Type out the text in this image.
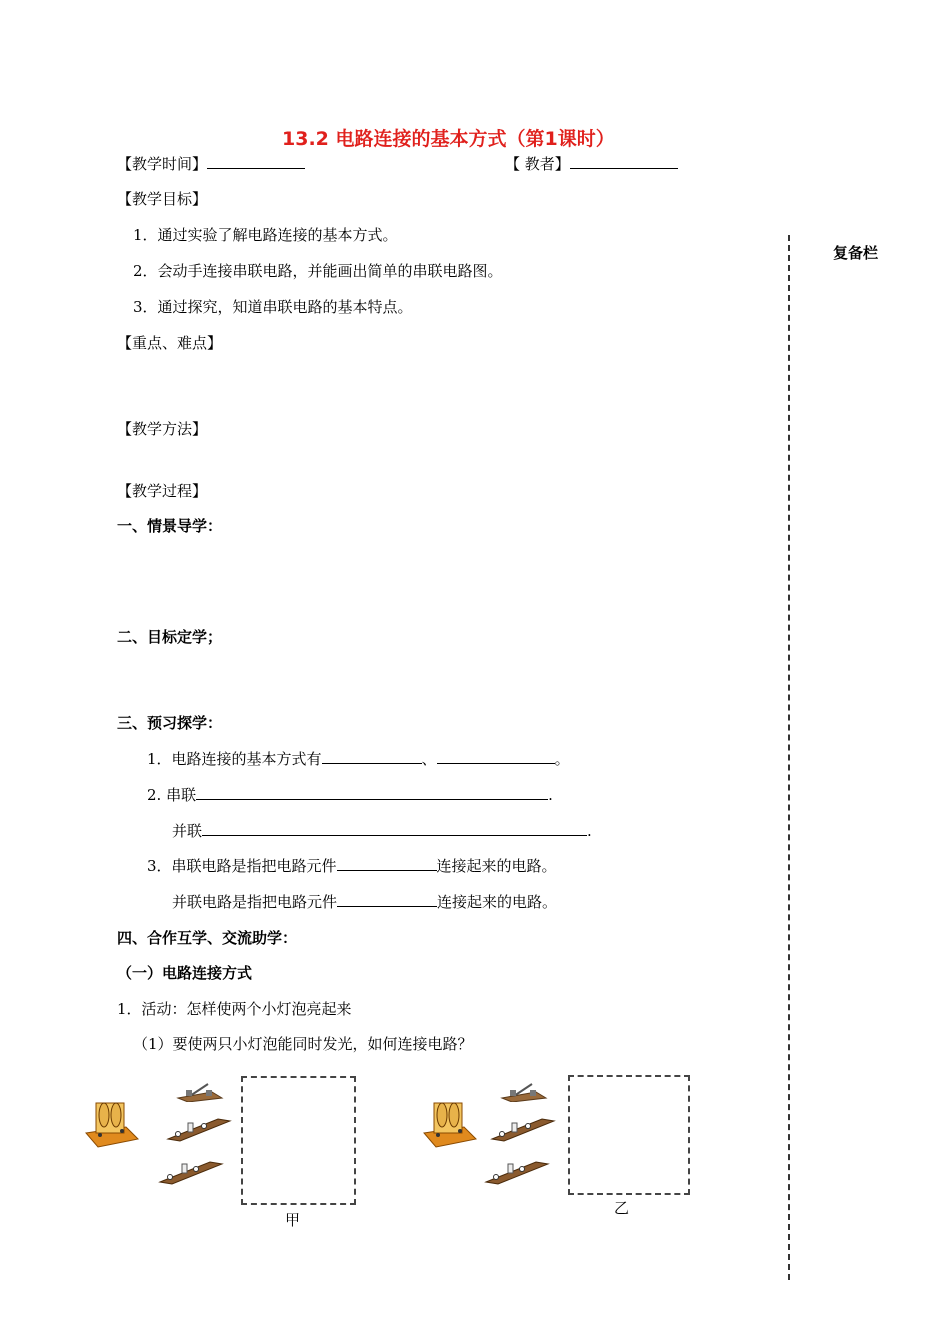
13.2 电路连接的基本方式（第1课时）
【教学时间】	【 教者】
【教学目标】
1．通过实验了解电路连接的基本方式。
2．会动手连接串联电路，并能画出简单的串联电路图。
3．通过探究，知道串联电路的基本特点。
复备栏
【重点、难点】
【教学方法】
【教学过程】
一、情景导学：
二、目标定学；
三、预习探学：
1．电路连接的基本方式有	、	。
2. 串联	.
并联	.
3．串联电路是指把电路元件	连接起来的电路。
并联电路是指把电路元件	连接起来的电路。
四、合作互学、交流助学：
（一）电路连接方式
1．活动：怎样使两个小灯泡亮起来
（1）要使两只小灯泡能同时发光，如何连接电路？
甲
乙
